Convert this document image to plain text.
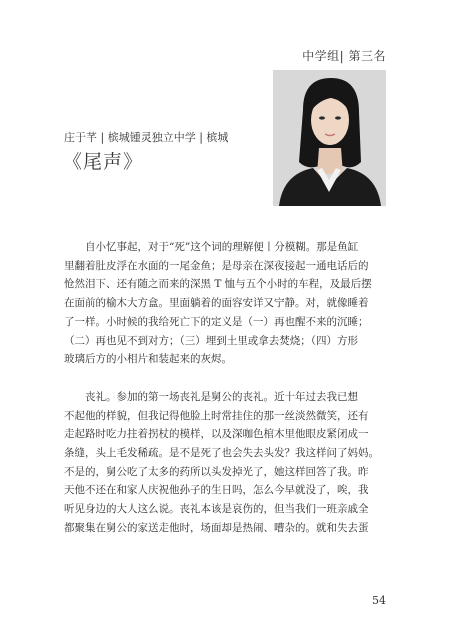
中学组| 第三名
庄于芊 | 槟城锺灵独立中学 | 槟城
《尾声》
自小忆事起，对于“死”这个词的理解便丨分模糊。那是鱼缸
里翻着肚皮浮在水面的一尾金鱼；是母亲在深夜接起一通电话后的
怆然泪下、还有随之而来的深黑 T 恤与五个小时的车程，及最后摆
在面前的榆木大方盒。里面躺着的面容安详又宁静。对，就像睡着
了一样。小时候的我给死亡下的定义是（一）再也醒不来的沉睡；
（二）再也见不到对方；（三）埋到土里或拿去焚烧；（四）方形
玻璃后方的小相片和装起来的灰烬。
丧礼。参加的第一场丧礼是舅公的丧礼。近十年过去我已想
不起他的样貌，但我记得他脸上时常挂住的那一丝淡然微笑，还有
走起路时吃力拄着拐杖的模样，以及深咖色棺木里他眼皮紧闭成一
条缝，头上毛发稀疏。是不是死了也会失去头发？我这样问了妈妈。
不是的，舅公吃了太多的药所以头发掉光了，她这样回答了我。昨
天他不还在和家人庆祝他孙子的生日吗，怎么今早就没了，唉，我
听见身边的大人这么说。丧礼本该是哀伤的，但当我们一班亲戚全
都聚集在舅公的家送走他时，场面却是热闹、嘈杂的。就和失去蛋
54
